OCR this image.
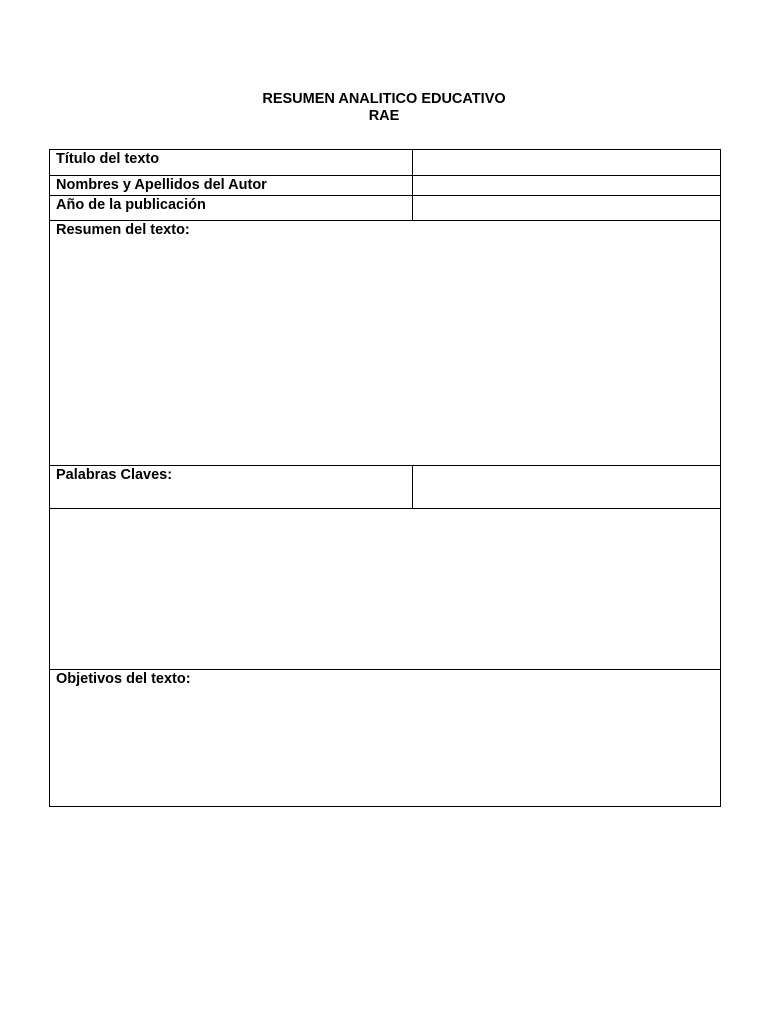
RESUMEN ANALITICO EDUCATIVO
RAE
Título del texto
Nombres y Apellidos del Autor
Año de la publicación
Resumen del texto:
Palabras Claves:
Objetivos del texto:
